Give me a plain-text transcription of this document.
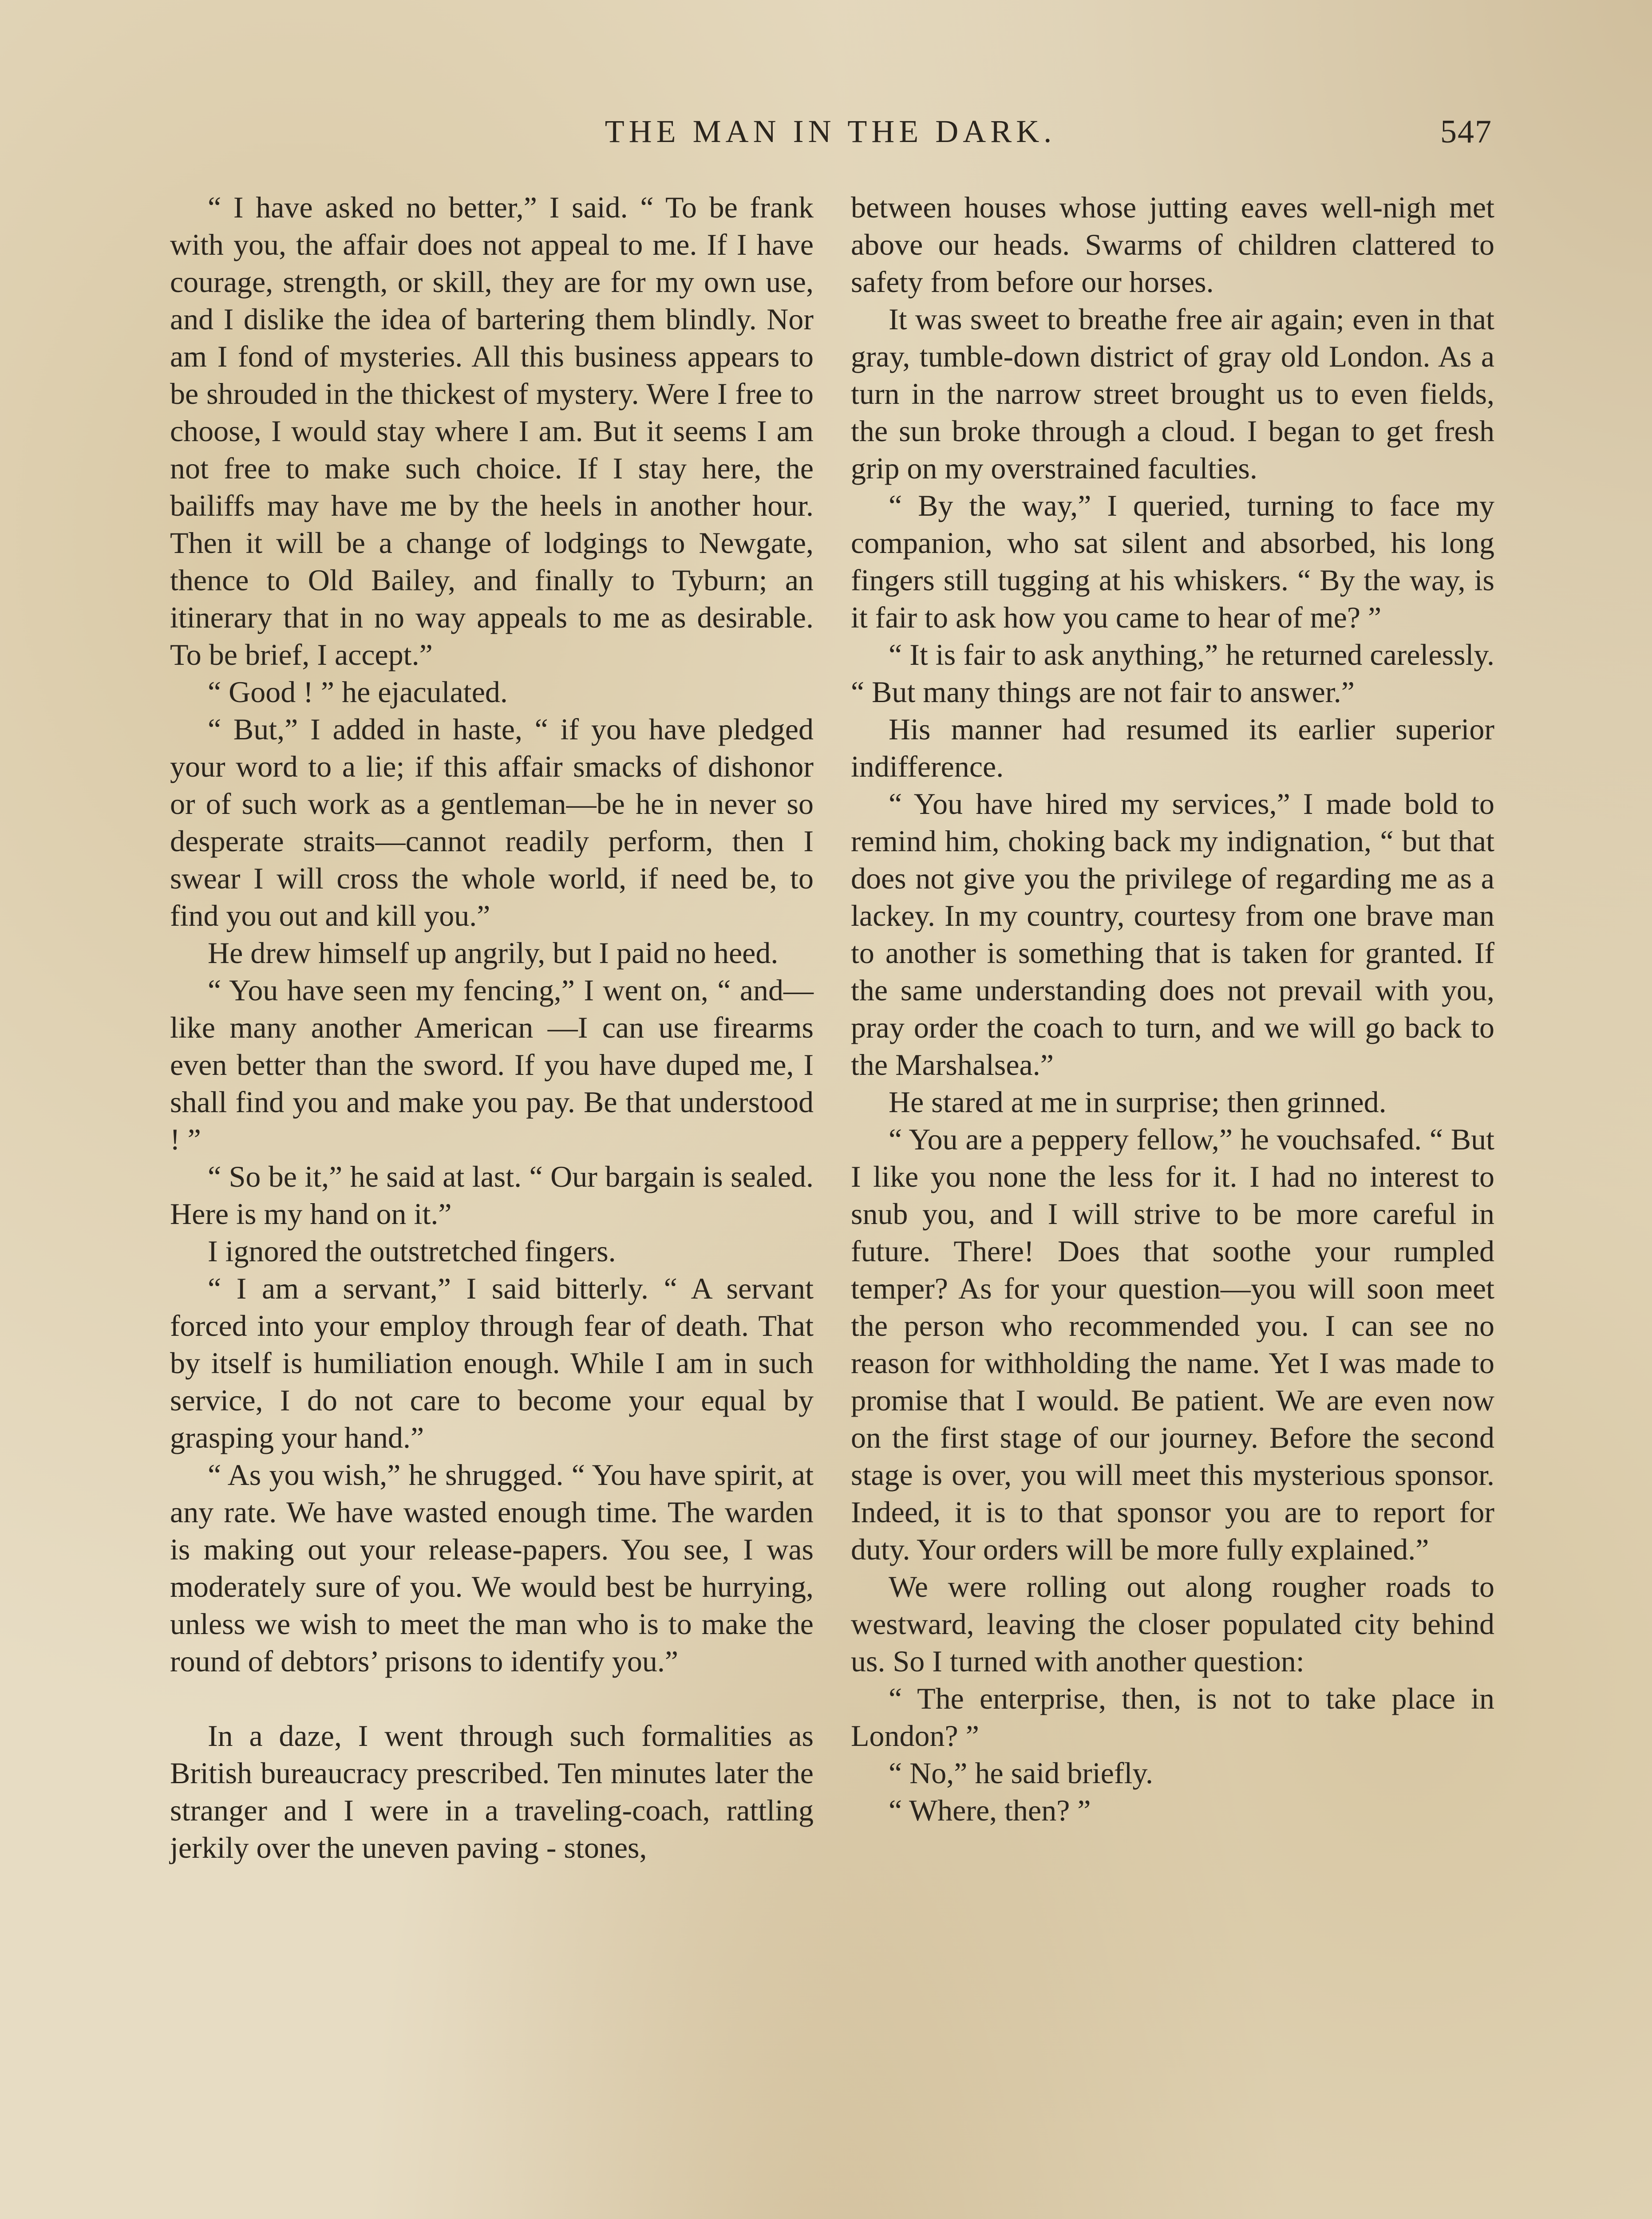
THE MAN IN THE DARK.	547

“ I have asked no better,” I said. “ To be frank with you, the affair does not appeal to me. If I have courage, strength, or skill, they are for my own use, and I dislike the idea of bartering them blindly. Nor am I fond of mysteries. All this business appears to be shrouded in the thickest of mystery. Were I free to choose, I would stay where I am. But it seems I am not free to make such choice. If I stay here, the bailiffs may have me by the heels in another hour. Then it will be a change of lodgings to Newgate, thence to Old Bailey, and finally to Tyburn; an itinerary that in no way appeals to me as desirable. To be brief, I accept.”

“ Good ! ” he ejaculated.

“ But,” I added in haste, “ if you have pledged your word to a lie; if this affair smacks of dishonor or of such work as a gentleman—be he in never so desperate straits—cannot readily perform, then I swear I will cross the whole world, if need be, to find you out and kill you.”

He drew himself up angrily, but I paid no heed.

“ You have seen my fencing,” I went on, “ and—like many another American —I can use firearms even better than the sword. If you have duped me, I shall find you and make you pay. Be that understood ! ”

“ So be it,” he said at last. “ Our bargain is sealed. Here is my hand on it.”

I ignored the outstretched fingers.

“ I am a servant,” I said bitterly. “ A servant forced into your employ through fear of death. That by itself is humiliation enough. While I am in such service, I do not care to become your equal by grasping your hand.”

“ As you wish,” he shrugged. “ You have spirit, at any rate. We have wasted enough time. The warden is making out your release-papers. You see, I was moderately sure of you. We would best be hurrying, unless we wish to meet the man who is to make the round of debtors’ prisons to identify you.”

In a daze, I went through such formalities as British bureaucracy prescribed. Ten minutes later the stranger and I were in a traveling-coach, rattling jerkily over the uneven paving - stones,

between houses whose jutting eaves well-nigh met above our heads. Swarms of children clattered to safety from before our horses.

It was sweet to breathe free air again; even in that gray, tumble-down district of gray old London. As a turn in the narrow street brought us to even fields, the sun broke through a cloud. I began to get fresh grip on my overstrained faculties.

“ By the way,” I queried, turning to face my companion, who sat silent and absorbed, his long fingers still tugging at his whiskers. “ By the way, is it fair to ask how you came to hear of me? ”

“ It is fair to ask anything,” he returned carelessly. “ But many things are not fair to answer.”

His manner had resumed its earlier superior indifference.

“ You have hired my services,” I made bold to remind him, choking back my indignation, “ but that does not give you the privilege of regarding me as a lackey. In my country, courtesy from one brave man to another is something that is taken for granted. If the same understanding does not prevail with you, pray order the coach to turn, and we will go back to the Marshalsea.”

He stared at me in surprise; then grinned.

“ You are a peppery fellow,” he vouchsafed. “ But I like you none the less for it. I had no interest to snub you, and I will strive to be more careful in future. There! Does that soothe your rumpled temper? As for your question—you will soon meet the person who recommended you. I can see no reason for withholding the name. Yet I was made to promise that I would. Be patient. We are even now on the first stage of our journey. Before the second stage is over, you will meet this mysterious sponsor. Indeed, it is to that sponsor you are to report for duty. Your orders will be more fully explained.”

We were rolling out along rougher roads to westward, leaving the closer populated city behind us. So I turned with another question:

“ The enterprise, then, is not to take place in London? ”

“ No,” he said briefly.

“ Where, then? ”
